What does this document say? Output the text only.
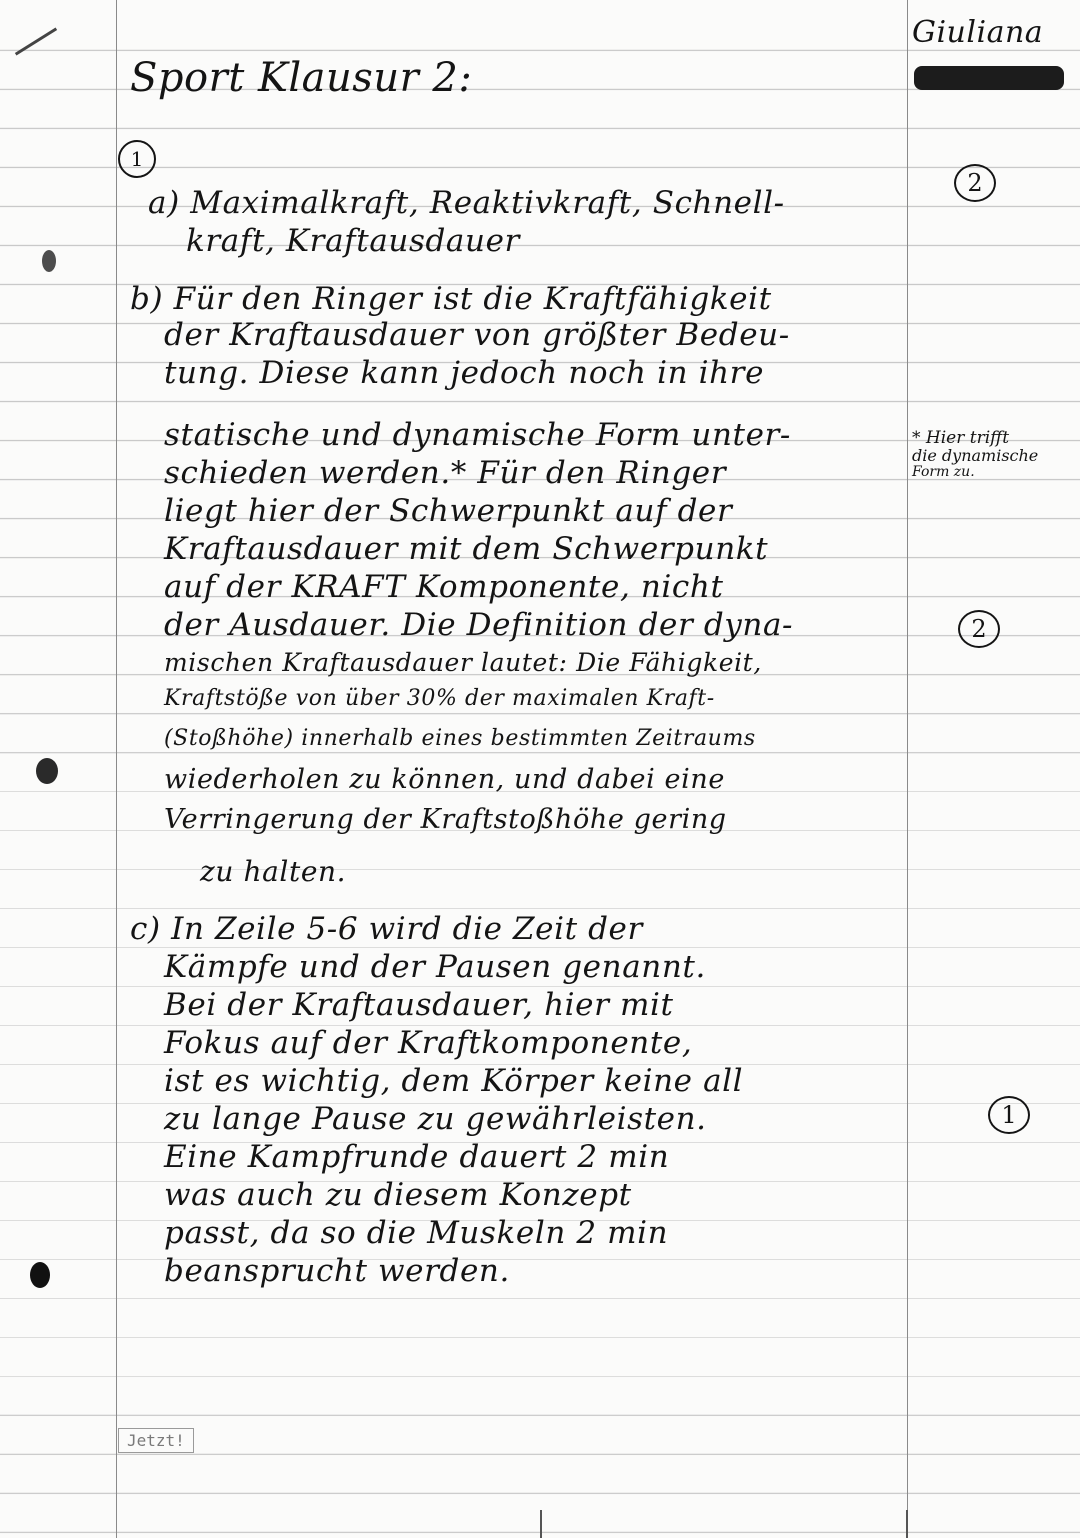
Sport Klausur 2:
Giuliana
1
a) Maximalkraft, Reaktivkraft, Schnell-
kraft, Kraftausdauer
b) Für den Ringer ist die Kraftfähigkeit
der Kraftausdauer von größter Bedeu-
tung. Diese kann jedoch noch in ihre
statische und dynamische Form unter-
schieden werden.* Für den Ringer
liegt hier der Schwerpunkt auf der
Kraftausdauer mit dem Schwerpunkt
auf der KRAFT Komponente, nicht
der Ausdauer. Die Definition der dyna-
mischen Kraftausdauer lautet: Die Fähigkeit,
Kraftstöße von über 30% der maximalen Kraft-
(Stoßhöhe) innerhalb eines bestimmten Zeitraums
wiederholen zu können, und dabei eine
Verringerung der Kraftstoßhöhe gering
zu halten.
c) In Zeile 5-6 wird die Zeit der
Kämpfe und der Pausen genannt.
Bei der Kraftausdauer, hier mit
Fokus auf der Kraftkomponente,
ist es wichtig, dem Körper keine all
zu lange Pause zu gewährleisten.
Eine Kampfrunde dauert 2 min
was auch zu diesem Konzept
passt, da so die Muskeln 2 min
beansprucht werden.
2
* Hier trifft
die dynamische
Form zu.
2
1
Jetzt!
